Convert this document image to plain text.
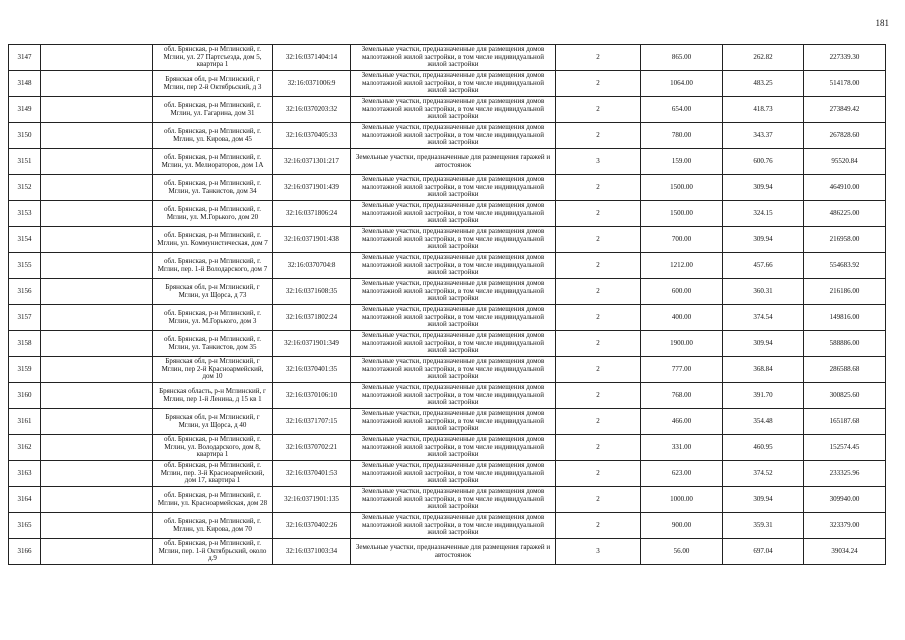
181
3147		обл. Брянская, р-н Мглинский, г. Мглин, ул. 27 Партсъезда, дом 5, квартира 1	32:16:0371404:14	Земельные участки, предназначенные для размещения домов малоэтажной жилой застройки, в том числе индивидуальной жилой застройки	2	865.00	262.82	227339.30
3148		Брянская обл, р-н Мглинский, г Мглин, пер 2-й Октябрьский, д 3	32:16:0371006:9	Земельные участки, предназначенные для размещения домов малоэтажной жилой застройки, в том числе индивидуальной жилой застройки	2	1064.00	483.25	514178.00
3149		обл. Брянская, р-н Мглинский, г. Мглин, ул. Гагарина, дом 31	32:16:0370203:32	Земельные участки, предназначенные для размещения домов малоэтажной жилой застройки, в том числе индивидуальной жилой застройки	2	654.00	418.73	273849.42
3150		обл. Брянская, р-н Мглинский, г. Мглин, ул. Кирова, дом 45	32:16:0370405:33	Земельные участки, предназначенные для размещения домов малоэтажной жилой застройки, в том числе индивидуальной жилой застройки	2	780.00	343.37	267828.60
3151		обл. Брянская, р-н Мглинский, г. Мглин, ул. Мелиораторов, дом 1А	32:16:0371301:217	Земельные участки, предназначенные для размещения гаражей и автостоянок	3	159.00	600.76	95520.84
3152		обл. Брянская, р-н Мглинский, г. Мглин, ул. Танкистов, дом 34	32:16:0371901:439	Земельные участки, предназначенные для размещения домов малоэтажной жилой застройки, в том числе индивидуальной жилой застройки	2	1500.00	309.94	464910.00
3153		обл. Брянская, р-н Мглинский, г. Мглин, ул. М.Горького, дом 20	32:16:0371806:24	Земельные участки, предназначенные для размещения домов малоэтажной жилой застройки, в том числе индивидуальной жилой застройки	2	1500.00	324.15	486225.00
3154		обл. Брянская, р-н Мглинский, г. Мглин, ул. Коммунистическая, дом 7	32:16:0371901:438	Земельные участки, предназначенные для размещения домов малоэтажной жилой застройки, в том числе индивидуальной жилой застройки	2	700.00	309.94	216958.00
3155		обл. Брянская, р-н Мглинский, г. Мглин, пер. 1-й Володарского, дом 7	32:16:0370704:8	Земельные участки, предназначенные для размещения домов малоэтажной жилой застройки, в том числе индивидуальной жилой застройки	2	1212.00	457.66	554683.92
3156		Брянская обл, р-н Мглинский, г Мглин, ул Щорса, д 73	32:16:0371608:35	Земельные участки, предназначенные для размещения домов малоэтажной жилой застройки, в том числе индивидуальной жилой застройки	2	600.00	360.31	216186.00
3157		обл. Брянская, р-н Мглинский, г. Мглин, ул. М.Горького, дом 3	32:16:0371802:24	Земельные участки, предназначенные для размещения домов малоэтажной жилой застройки, в том числе индивидуальной жилой застройки	2	400.00	374.54	149816.00
3158		обл. Брянская, р-н Мглинский, г. Мглин, ул. Танкистов, дом 35	32:16:0371901:349	Земельные участки, предназначенные для размещения домов малоэтажной жилой застройки, в том числе индивидуальной жилой застройки	2	1900.00	309.94	588886.00
3159		Брянская обл, р-н Мглинский, г Мглин, пер 2-й Красноармейский, дом 10	32:16:0370401:35	Земельные участки, предназначенные для размещения домов малоэтажной жилой застройки, в том числе индивидуальной жилой застройки	2	777.00	368.84	286588.68
3160		Брянская область, р-н Мглинский, г Мглин, пер 1-й Ленина, д 15 кв 1	32:16:0370106:10	Земельные участки, предназначенные для размещения домов малоэтажной жилой застройки, в том числе индивидуальной жилой застройки	2	768.00	391.70	300825.60
3161		Брянская обл, р-н Мглинский, г Мглин, ул Щорса, д 40	32:16:0371707:15	Земельные участки, предназначенные для размещения домов малоэтажной жилой застройки, в том числе индивидуальной жилой застройки	2	466.00	354.48	165187.68
3162		обл. Брянская, р-н Мглинский, г. Мглин, ул. Володарского, дом 8, квартира 1	32:16:0370702:21	Земельные участки, предназначенные для размещения домов малоэтажной жилой застройки, в том числе индивидуальной жилой застройки	2	331.00	460.95	152574.45
3163		обл. Брянская, р-н Мглинский, г. Мглин, пер. 3-й Красноармейский, дом 17, квартира 1	32:16:0370401:53	Земельные участки, предназначенные для размещения домов малоэтажной жилой застройки, в том числе индивидуальной жилой застройки	2	623.00	374.52	233325.96
3164		обл. Брянская, р-н Мглинский, г. Мглин, ул. Красноармейская, дом 28	32:16:0371901:135	Земельные участки, предназначенные для размещения домов малоэтажной жилой застройки, в том числе индивидуальной жилой застройки	2	1000.00	309.94	309940.00
3165		обл. Брянская, р-н Мглинский, г. Мглин, ул. Кирова, дом 70	32:16:0370402:26	Земельные участки, предназначенные для размещения домов малоэтажной жилой застройки, в том числе индивидуальной жилой застройки	2	900.00	359.31	323379.00
3166		обл. Брянская, р-н Мглинский, г. Мглин, пер. 1-й Октябрьский, около д.9	32:16:0371003:34	Земельные участки, предназначенные для размещения гаражей и автостоянок	3	56.00	697.04	39034.24
